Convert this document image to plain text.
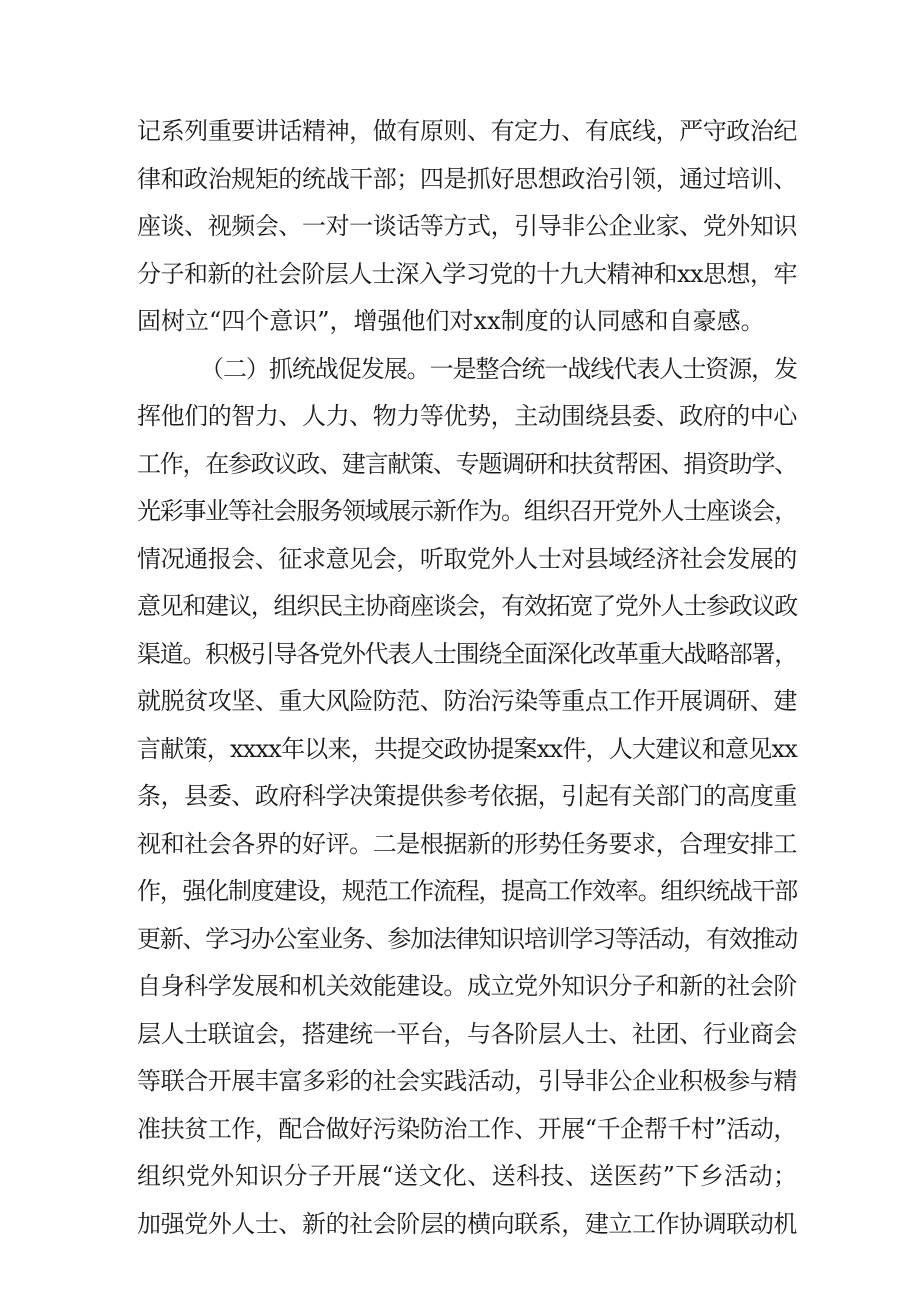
记系列重要讲话精神，做有原则、有定力、有底线，严守政治纪
律和政治规矩的统战干部；四是抓好思想政治引领，通过培训、
座谈、视频会、一对一谈话等方式，引导非公企业家、党外知识
分子和新的社会阶层人士深入学习党的十九大精神和xx思想，牢
固树立“四个意识”，增强他们对xx制度的认同感和自豪感。
（二）抓统战促发展。一是整合统一战线代表人士资源，发
挥他们的智力、人力、物力等优势，主动围绕县委、政府的中心
工作，在参政议政、建言献策、专题调研和扶贫帮困、捐资助学、
光彩事业等社会服务领域展示新作为。组织召开党外人士座谈会，
情况通报会、征求意见会，听取党外人士对县域经济社会发展的
意见和建议，组织民主协商座谈会，有效拓宽了党外人士参政议政
渠道。积极引导各党外代表人士围绕全面深化改革重大战略部署，
就脱贫攻坚、重大风险防范、防治污染等重点工作开展调研、建
言献策，xxxx年以来，共提交政协提案xx件，人大建议和意见xx
条，县委、政府科学决策提供参考依据，引起有关部门的高度重
视和社会各界的好评。二是根据新的形势任务要求，合理安排工
作，强化制度建设，规范工作流程，提高工作效率。组织统战干部
更新、学习办公室业务、参加法律知识培训学习等活动，有效推动
自身科学发展和机关效能建设。成立党外知识分子和新的社会阶
层人士联谊会，搭建统一平台，与各阶层人士、社团、行业商会
等联合开展丰富多彩的社会实践活动，引导非公企业积极参与精
准扶贫工作，配合做好污染防治工作、开展“千企帮千村”活动，
组织党外知识分子开展“送文化、送科技、送医药”下乡活动；
加强党外人士、新的社会阶层的横向联系，建立工作协调联动机
